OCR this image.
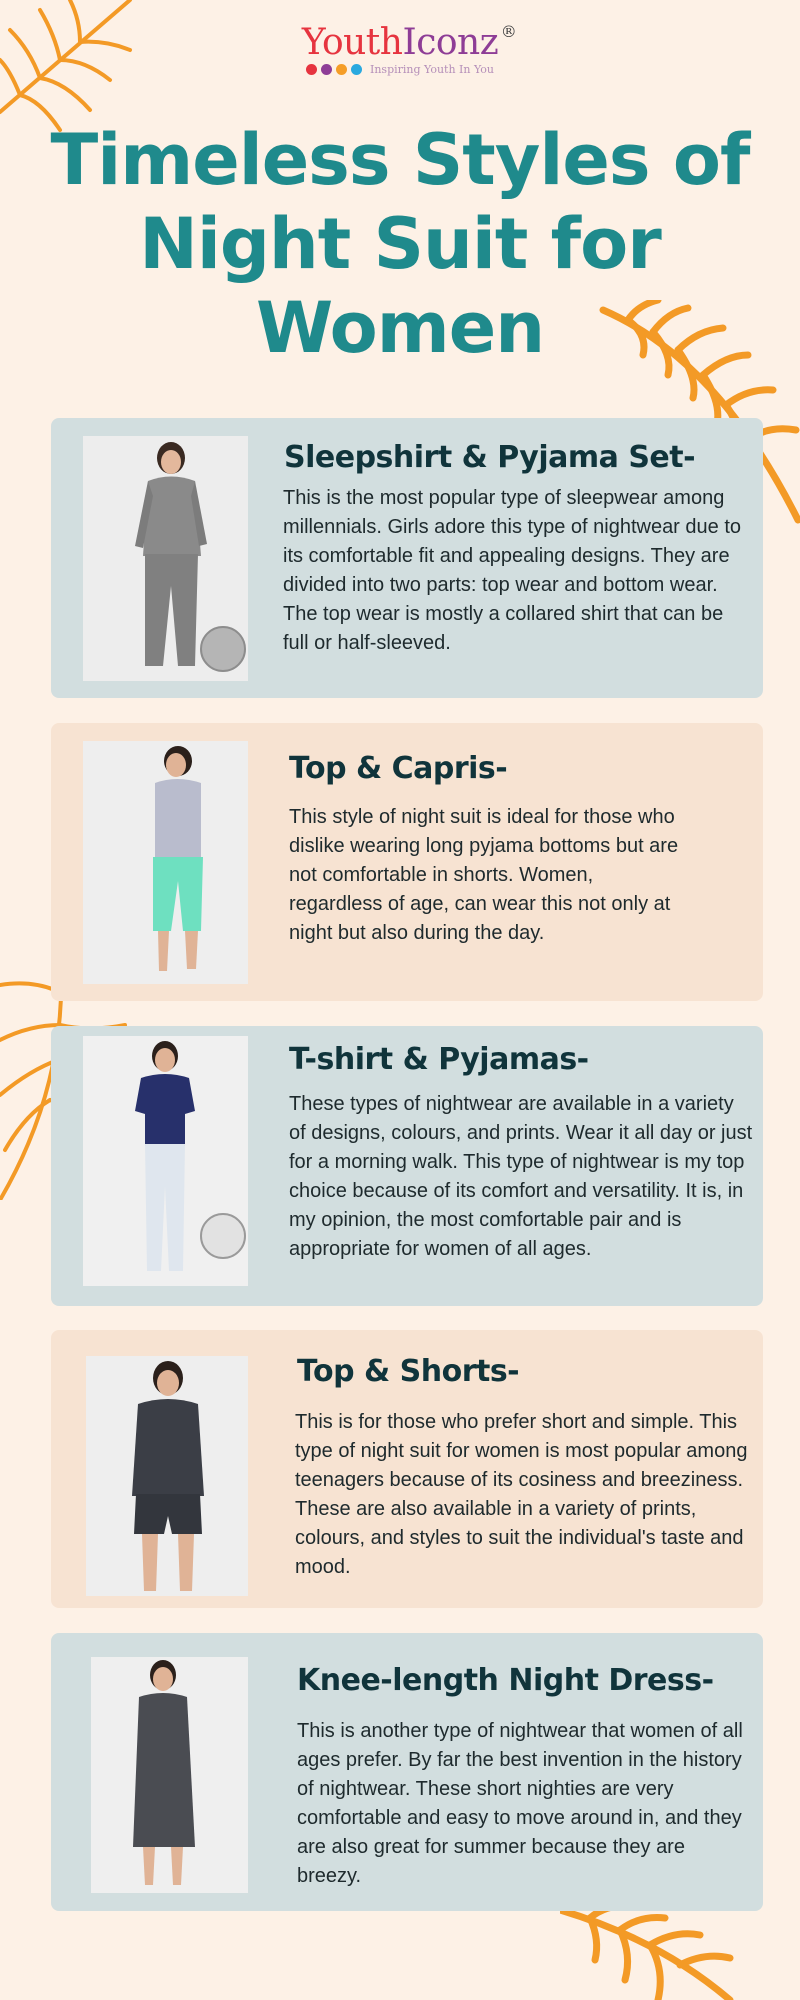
YouthIconz ®
Inspiring Youth In You
Timeless Styles of
Night Suit for
Women
Sleepshirt & Pyjama Set-

This is the most popular type of sleepwear among millennials. Girls adore this type of nightwear due to its comfortable fit and appealing designs. They are divided into two parts: top wear and bottom wear. The top wear is mostly a collared shirt that can be full or half-sleeved.

Top & Capris-

This style of night suit is ideal for those who dislike wearing long pyjama bottoms but are not comfortable in shorts. Women, regardless of age, can wear this not only at night but also during the day.

T-shirt & Pyjamas-

These types of nightwear are available in a variety of designs, colours, and prints. Wear it all day or just for a morning walk. This type of nightwear is my top choice because of its comfort and versatility. It is, in my opinion, the most comfortable pair and is appropriate for women of all ages.

Top & Shorts-

This is for those who prefer short and simple. This type of night suit for women is most popular among teenagers because of its cosiness and breeziness. These are also available in a variety of prints, colours, and styles to suit the individual's taste and mood.

Knee-length Night Dress-

This is another type of nightwear that women of all ages prefer. By far the best invention in the history of nightwear. These short nighties are very comfortable and easy to move around in, and they are also great for summer because they are breezy.
